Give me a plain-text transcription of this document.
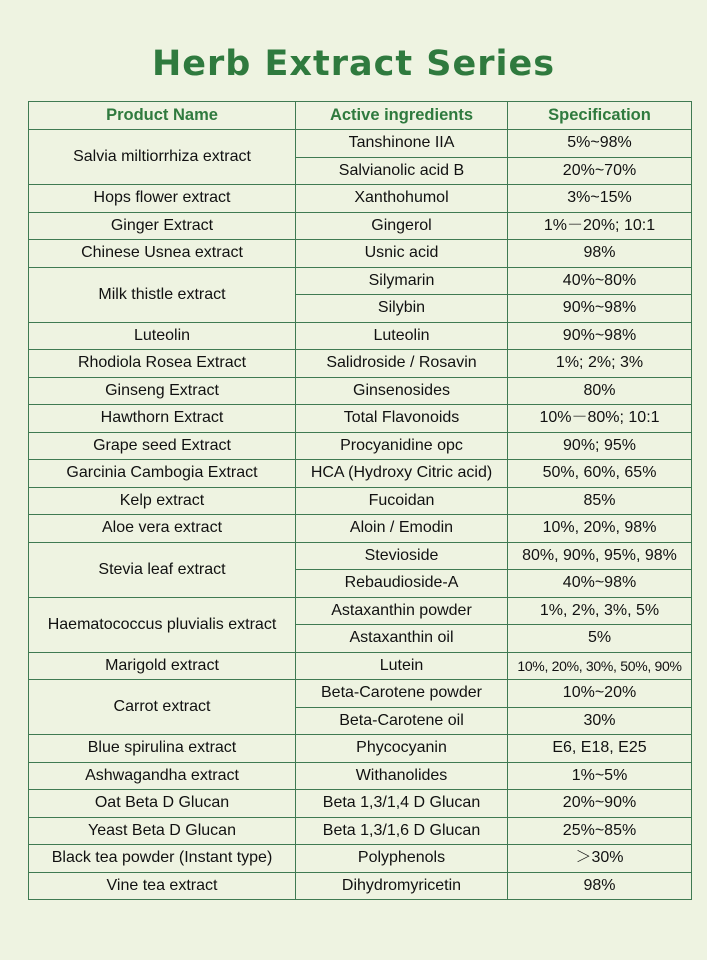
Herb Extract Series
Product Name	Active ingredients	Specification
Salvia miltiorrhiza extract	Tanshinone IIA	5%~98%
	Salvianolic acid B	20%~70%
Hops flower extract	Xanthohumol	3%~15%
Ginger Extract	Gingerol	1%－20%; 10:1
Chinese Usnea extract	Usnic acid	98%
Milk thistle extract	Silymarin	40%~80%
	Silybin	90%~98%
Luteolin	Luteolin	90%~98%
Rhodiola Rosea Extract	Salidroside / Rosavin	1%; 2%; 3%
Ginseng Extract	Ginsenosides	80%
Hawthorn Extract	Total Flavonoids	10%－80%; 10:1
Grape seed Extract	Procyanidine opc	90%; 95%
Garcinia Cambogia Extract	HCA (Hydroxy Citric acid)	50%, 60%, 65%
Kelp extract	Fucoidan	85%
Aloe vera extract	Aloin / Emodin	10%, 20%, 98%
Stevia leaf extract	Stevioside	80%, 90%, 95%, 98%
	Rebaudioside-A	40%~98%
Haematococcus pluvialis extract	Astaxanthin powder	1%, 2%, 3%, 5%
	Astaxanthin oil	5%
Marigold extract	Lutein	10%, 20%, 30%, 50%, 90%
Carrot extract	Beta-Carotene powder	10%~20%
	Beta-Carotene oil	30%
Blue spirulina extract	Phycocyanin	E6, E18, E25
Ashwagandha extract	Withanolides	1%~5%
Oat Beta D Glucan	Beta 1,3/1,4 D Glucan	20%~90%
Yeast Beta D Glucan	Beta 1,3/1,6 D Glucan	25%~85%
Black tea powder (Instant type)	Polyphenols	＞30%
Vine tea extract	Dihydromyricetin	98%
